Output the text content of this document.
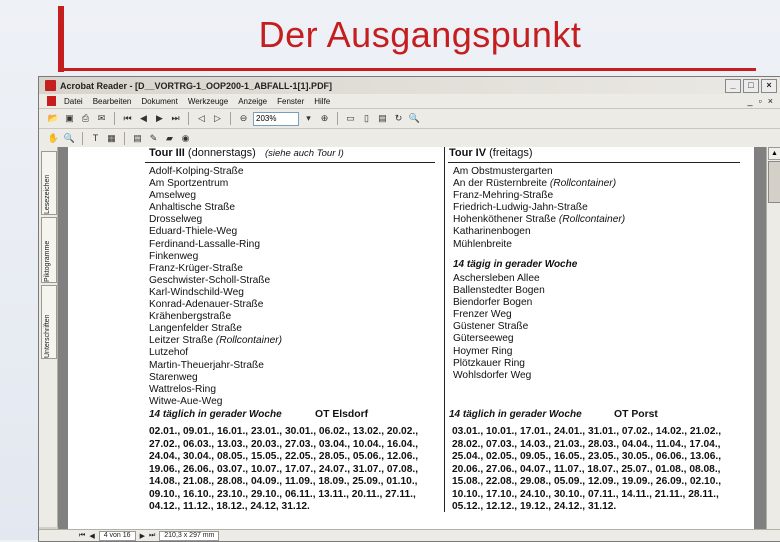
Der Ausgangspunkt
Acrobat Reader - [D__VORTRG-1_OOP200-1_ABFALL-1[1].PDF]	_	□	×
Datei	Bearbeiten	Dokument	Werkzeuge	Anzeige	Fenster	Hilfe	_ ▫ ×
📂 ▣ ⎙ ✉	⏮ ◀	▶ ⏭	◁	▷	⊖	203%	▾	⊕	▭	▯	▤ ↻ 🔍
✋ 🔍	T ▦ ▤ ✎ ▰ ◉
Lesezeichen
Piktogramme
Unterschriften
Tour III (donnerstags) (siehe auch Tour I)	Tour IV (freitags)
Adolf-Kolping-Straße
Am Sportzentrum
Amselweg
Anhaltische Straße
Drosselweg
Eduard-Thiele-Weg
Ferdinand-Lassalle-Ring
Finkenweg
Franz-Krüger-Straße
Geschwister-Scholl-Straße
Karl-Windschild-Weg
Konrad-Adenauer-Straße
Krähenbergstraße
Langenfelder Straße
Leitzer Straße (Rollcontainer)
Lutzehof
Martin-Theuerjahr-Straße
Starenweg
Wattrelos-Ring
Witwe-Aue-Weg
14 täglich in gerader Woche	OT Elsdorf
02.01., 09.01., 16.01., 23.01., 30.01., 06.02., 13.02., 20.02.,
27.02., 06.03., 13.03., 20.03., 27.03., 03.04., 10.04., 16.04.,
24.04., 30.04., 08.05., 15.05., 22.05., 28.05., 05.06., 12.06.,
19.06., 26.06., 03.07., 10.07., 17.07., 24.07., 31.07., 07.08.,
14.08., 21.08., 28.08., 04.09., 11.09., 18.09., 25.09., 01.10.,
09.10., 16.10., 23.10., 29.10., 06.11., 13.11., 20.11., 27.11.,
04.12., 11.12., 18.12., 24.12, 31.12.
Am Obstmustergarten
An der Rüsternbreite (Rollcontainer)
Franz-Mehring-Straße
Friedrich-Ludwig-Jahn-Straße
Hohenköthener Straße (Rollcontainer)
Katharinenbogen
Mühlenbreite
14 tägig in gerader Woche
Aschersleben Allee
Ballenstedter Bogen
Biendorfer Bogen
Frenzer Weg
Güstener Straße
Güterseeweg
Hoymer Ring
Plötzkauer Ring
Wohlsdorfer Weg
14 täglich in gerader Woche	OT Porst
03.01., 10.01., 17.01., 24.01., 31.01., 07.02., 14.02., 21.02.,
28.02., 07.03., 14.03., 21.03., 28.03., 04.04., 11.04., 17.04.,
25.04., 02.05., 09.05., 16.05., 23.05., 30.05., 06.06., 13.06.,
20.06., 27.06., 04.07., 11.07., 18.07., 25.07., 01.08., 08.08.,
15.08., 22.08., 29.08., 05.09., 12.09., 19.09., 26.09., 02.10.,
10.10., 17.10., 24.10., 30.10., 07.11., 14.11., 21.11., 28.11.,
05.12., 12.12., 19.12., 24.12., 31.12.
▲
⏮ ◀	4 von 16	▶ ⏭	210,3 x 297 mm
